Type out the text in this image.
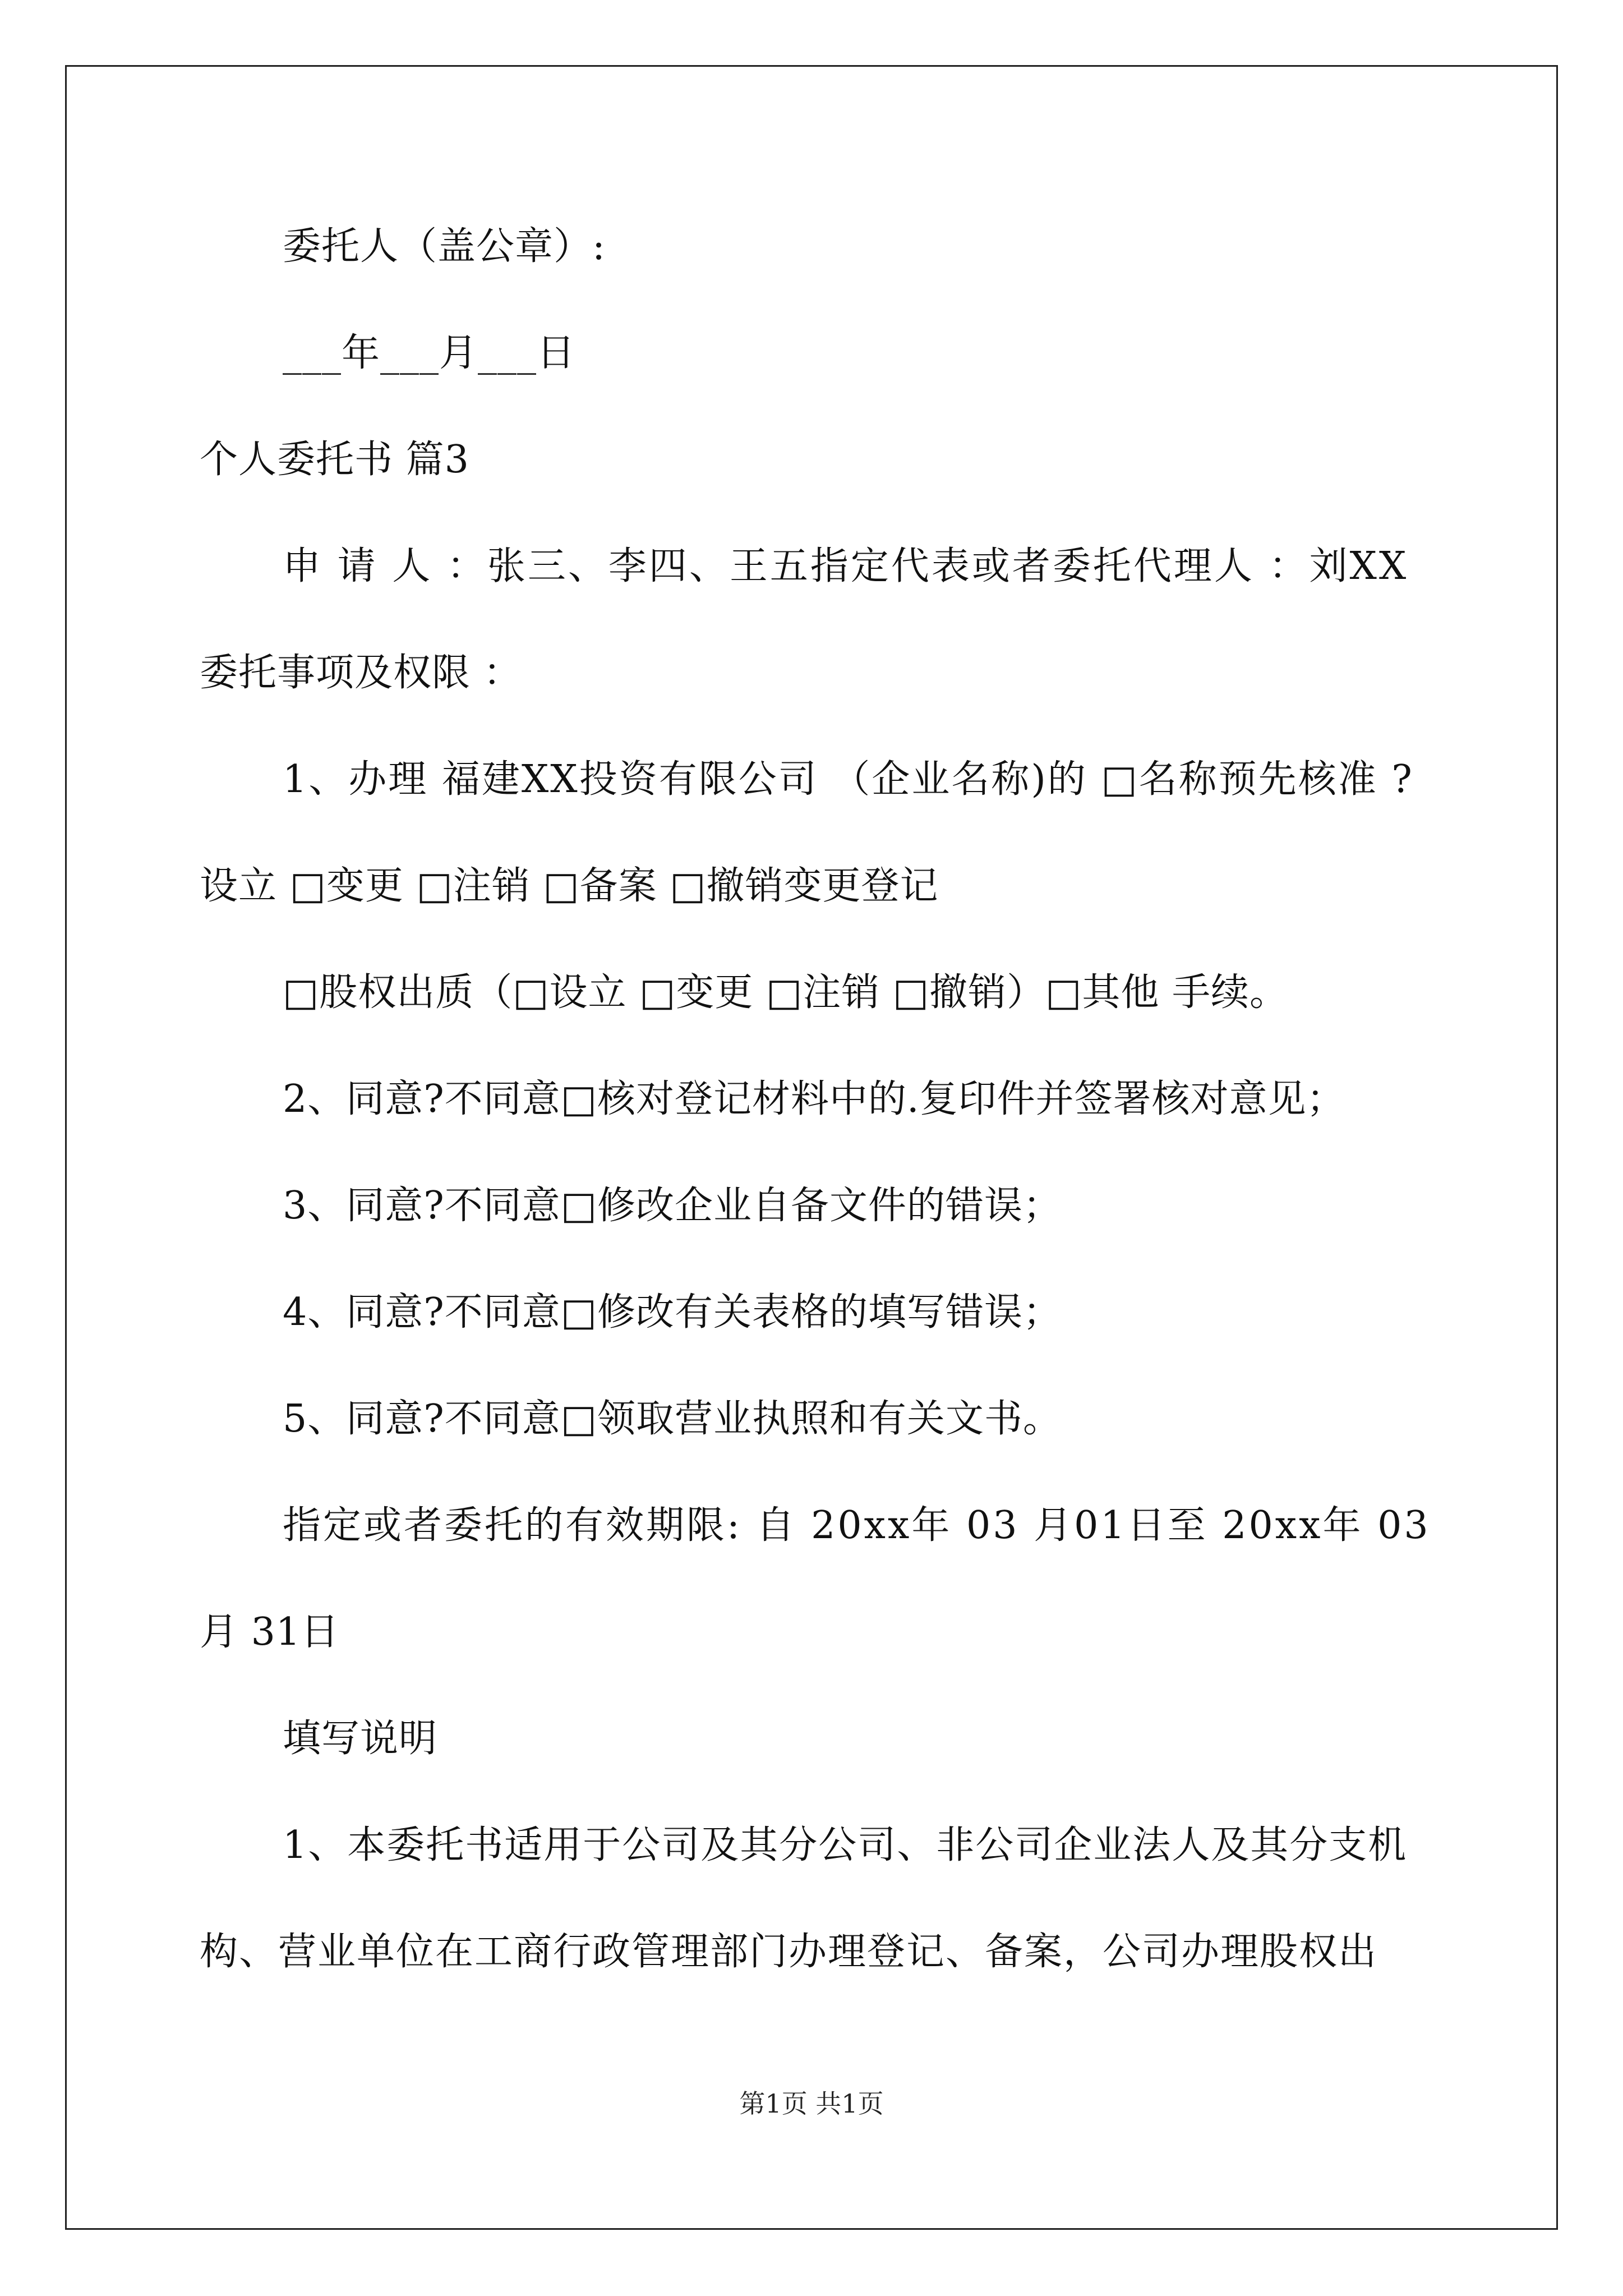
委托人（盖公章）:
___年___月___日
个人委托书 篇3
申 请 人 ：张三、李四、王五指定代表或者委托代理人 ：刘XX
委托事项及权限 ：
1、办理 福建XX投资有限公司 （企业名称)的 □名称预先核准 ?
设立 □变更 □注销 □备案 □撤销变更登记
□股权出质（□设立 □变更 □注销 □撤销）□其他 手续。
2、同意?不同意□核对登记材料中的.复印件并签署核对意见；
3、同意?不同意□修改企业自备文件的错误；
4、同意?不同意□修改有关表格的填写错误；
5、同意?不同意□领取营业执照和有关文书。
指定或者委托的有效期限: 自 20xx年 03 月01日至 20xx年 03
月 31日
填写说明
1、本委托书适用于公司及其分公司、非公司企业法人及其分支机
构、营业单位在工商行政管理部门办理登记、备案，公司办理股权出
第1页 共1页
